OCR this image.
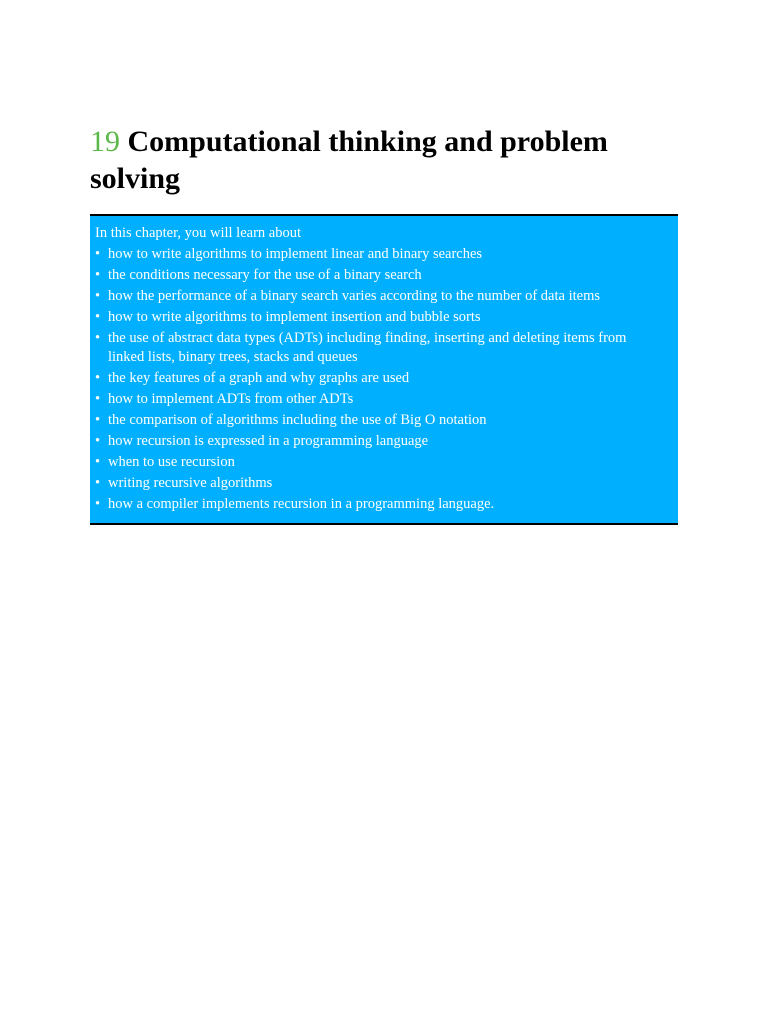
19 Computational thinking and problem solving

In this chapter, you will learn about

• how to write algorithms to implement linear and binary searches
• the conditions necessary for the use of a binary search
• how the performance of a binary search varies according to the number of data items
• how to write algorithms to implement insertion and bubble sorts
• the use of abstract data types (ADTs) including finding, inserting and deleting items from linked lists, binary trees, stacks and queues
• the key features of a graph and why graphs are used
• how to implement ADTs from other ADTs
• the comparison of algorithms including the use of Big O notation
• how recursion is expressed in a programming language
• when to use recursion
• writing recursive algorithms
• how a compiler implements recursion in a programming language.
